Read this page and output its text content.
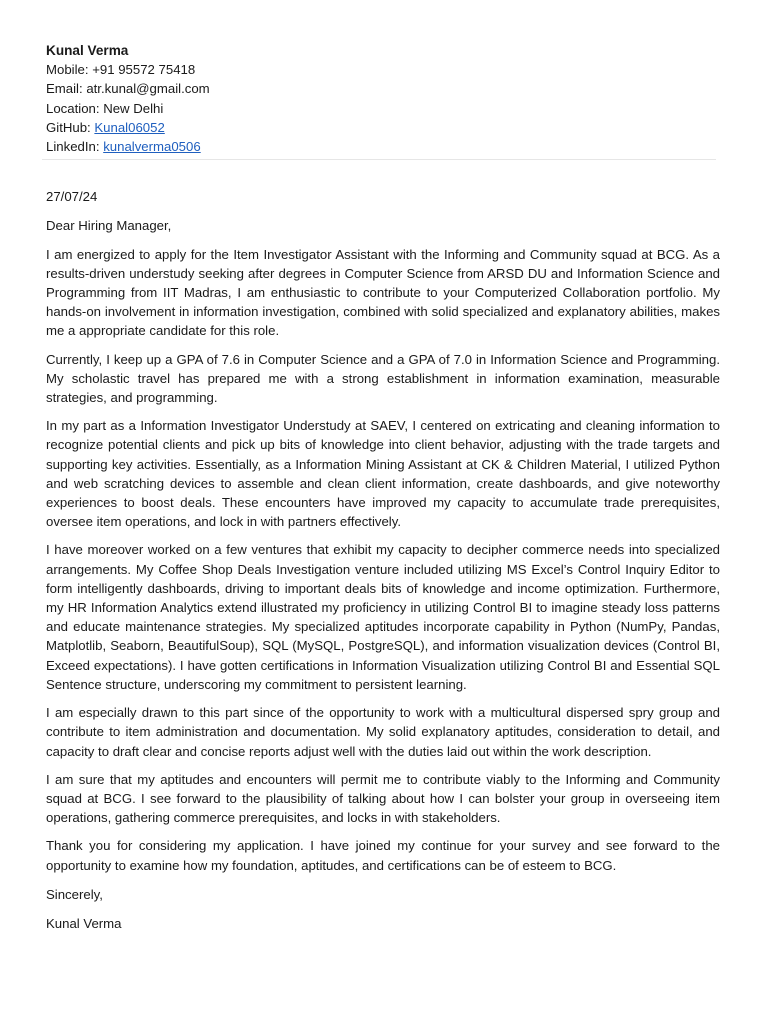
Kunal Verma
Mobile: +91 95572 75418
Email: atr.kunal@gmail.com
Location: New Delhi
GitHub: Kunal06052
LinkedIn: kunalverma0506
27/07/24
Dear Hiring Manager,

I am energized to apply for the Item Investigator Assistant with the Informing and Community squad at BCG. As a results-driven understudy seeking after degrees in Computer Science from ARSD DU and Information Science and Programming from IIT Madras, I am enthusiastic to contribute to your Computerized Collaboration portfolio. My hands-on involvement in information investigation, combined with solid specialized and explanatory abilities, makes me a appropriate candidate for this role.

Currently, I keep up a GPA of 7.6 in Computer Science and a GPA of 7.0 in Information Science and Programming. My scholastic travel has prepared me with a strong establishment in information examination, measurable strategies, and programming.

In my part as a Information Investigator Understudy at SAEV, I centered on extricating and cleaning information to recognize potential clients and pick up bits of knowledge into client behavior, adjusting with the trade targets and supporting key activities. Essentially, as a Information Mining Assistant at CK & Children Material, I utilized Python and web scratching devices to assemble and clean client information, create dashboards, and give noteworthy experiences to boost deals. These encounters have improved my capacity to accumulate trade prerequisites, oversee item operations, and lock in with partners effectively.

I have moreover worked on a few ventures that exhibit my capacity to decipher commerce needs into specialized arrangements. My Coffee Shop Deals Investigation venture included utilizing MS Excel’s Control Inquiry Editor to form intelligently dashboards, driving to important deals bits of knowledge and income optimization. Furthermore, my HR Information Analytics extend illustrated my proficiency in utilizing Control BI to imagine steady loss patterns and educate maintenance strategies. My specialized aptitudes incorporate capability in Python (NumPy, Pandas, Matplotlib, Seaborn, BeautifulSoup), SQL (MySQL, PostgreSQL), and information visualization devices (Control BI, Exceed expectations). I have gotten certifications in Information Visualization utilizing Control BI and Essential SQL Sentence structure, underscoring my commitment to persistent learning.

I am especially drawn to this part since of the opportunity to work with a multicultural dispersed spry group and contribute to item administration and documentation. My solid explanatory aptitudes, consideration to detail, and capacity to draft clear and concise reports adjust well with the duties laid out within the work description.

I am sure that my aptitudes and encounters will permit me to contribute viably to the Informing and Community squad at BCG. I see forward to the plausibility of talking about how I can bolster your group in overseeing item operations, gathering commerce prerequisites, and locks in with stakeholders.

Thank you for considering my application. I have joined my continue for your survey and see forward to the opportunity to examine how my foundation, aptitudes, and certifications can be of esteem to BCG.

Sincerely,
Kunal Verma
